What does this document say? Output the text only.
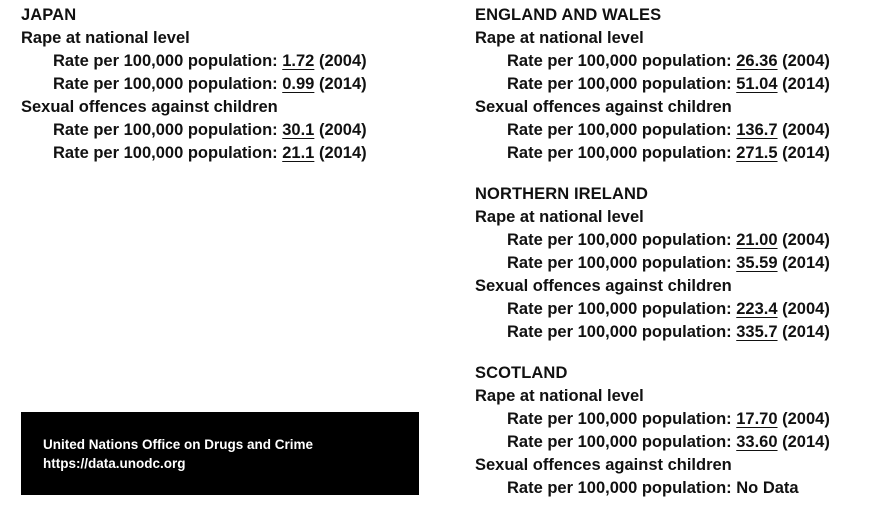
JAPAN
Rape at national level
Rate per 100,000 population: 1.72 (2004)
Rate per 100,000 population: 0.99 (2014)
Sexual offences against children
Rate per 100,000 population: 30.1 (2004)
Rate per 100,000 population: 21.1 (2014)
ENGLAND AND WALES
Rape at national level
Rate per 100,000 population: 26.36 (2004)
Rate per 100,000 population: 51.04 (2014)
Sexual offences against children
Rate per 100,000 population: 136.7 (2004)
Rate per 100,000 population: 271.5 (2014)
NORTHERN IRELAND
Rape at national level
Rate per 100,000 population: 21.00 (2004)
Rate per 100,000 population: 35.59 (2014)
Sexual offences against children
Rate per 100,000 population: 223.4 (2004)
Rate per 100,000 population: 335.7 (2014)
SCOTLAND
Rape at national level
Rate per 100,000 population: 17.70 (2004)
Rate per 100,000 population: 33.60 (2014)
Sexual offences against children
Rate per 100,000 population: No Data
United Nations Office on Drugs and Crime
https://data.unodc.org
